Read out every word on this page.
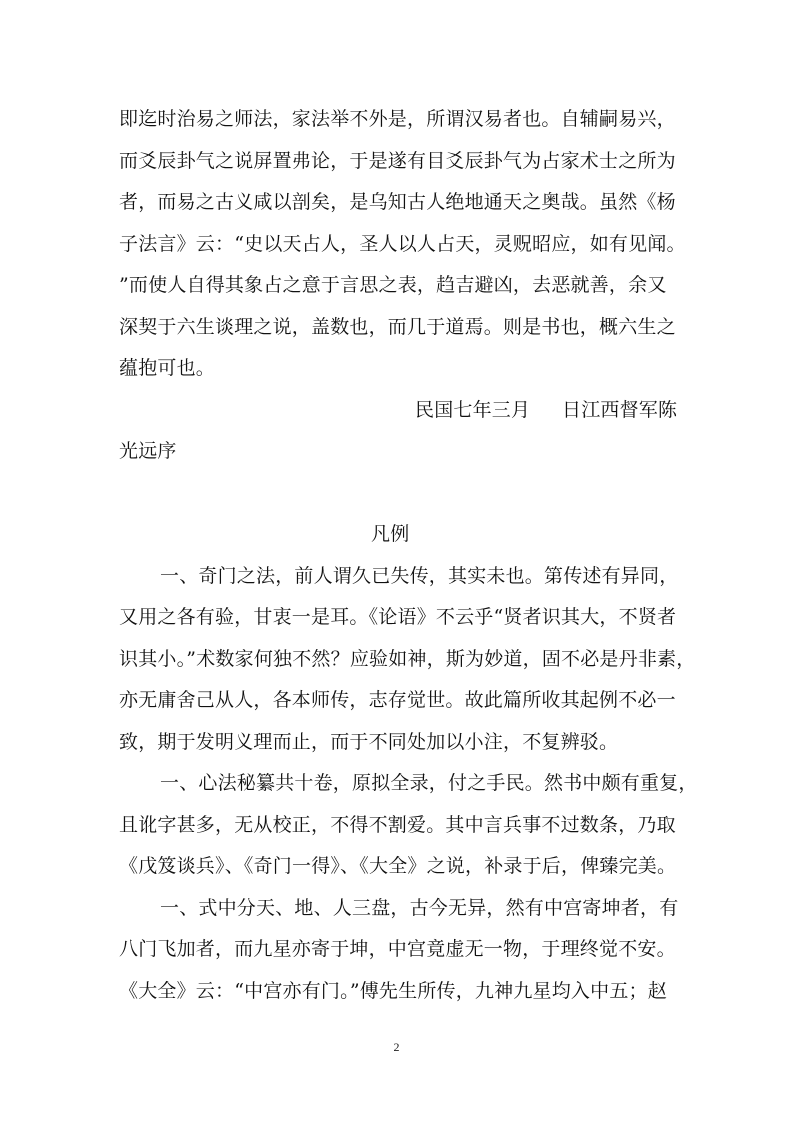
即迄时治易之师法，家法举不外是，所谓汉易者也。自辅嗣易兴，
而爻辰卦气之说屏置弗论，于是遂有目爻辰卦气为占家术士之所为
者，而易之古义咸以剖矣，是乌知古人绝地通天之奥哉。虽然《杨
子法言》云：“史以天占人，圣人以人占天，灵贶昭应，如有见闻。
”而使人自得其象占之意于言思之表，趋吉避凶，去恶就善，余又
深契于六生谈理之说，盖数也，而几于道焉。则是书也，概六生之
蕴抱可也。
民国七年三月 日江西督军陈
光远序
凡例
一、奇门之法，前人谓久已失传，其实未也。第传述有异同，
又用之各有验，甘衷一是耳。《论语》不云乎“贤者识其大，不贤者
识其小。”术数家何独不然？应验如神，斯为妙道，固不必是丹非素，
亦无庸舍己从人，各本师传，志存觉世。故此篇所收其起例不必一
致，期于发明义理而止，而于不同处加以小注，不复辨驳。
一、心法秘纂共十卷，原拟全录，付之手民。然书中颇有重复，
且讹字甚多，无从校正，不得不割爱。其中言兵事不过数条，乃取
《戊笈谈兵》、《奇门一得》、《大全》之说，补录于后，俾臻完美。
一、式中分天、地、人三盘，古今无异，然有中宫寄坤者，有
八门飞加者，而九星亦寄于坤，中宫竟虚无一物，于理终觉不安。
《大全》云：“中宫亦有门。”傅先生所传，九神九星均入中五；赵
2
